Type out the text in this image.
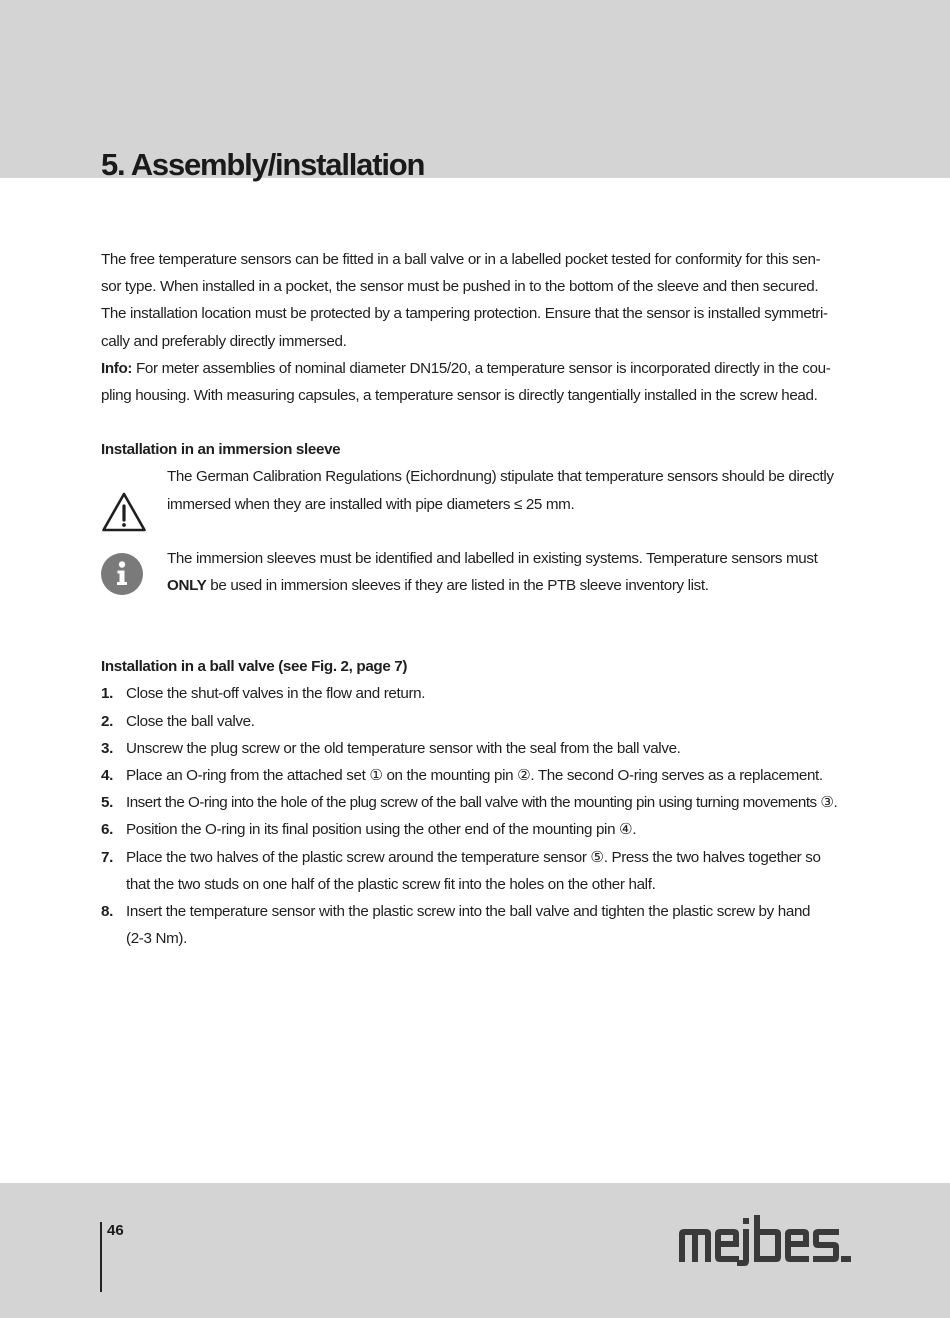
5. Assembly/installation

The free temperature sensors can be fitted in a ball valve or in a labelled pocket tested for conformity for this sen-
sor type. When installed in a pocket, the sensor must be pushed in to the bottom of the sleeve and then secured.
The installation location must be protected by a tampering protection. Ensure that the sensor is installed symmetri-
cally and preferably directly immersed.

Info: For meter assemblies of nominal diameter DN15/20, a temperature sensor is incorporated directly in the cou-
pling housing. With measuring capsules, a temperature sensor is directly tangentially installed in the screw head.

Installation in an immersion sleeve

The German Calibration Regulations (Eichordnung) stipulate that temperature sensors should be directly
immersed when they are installed with pipe diameters ≤ 25 mm.

The immersion sleeves must be identified and labelled in existing systems. Temperature sensors must
ONLY be used in immersion sleeves if they are listed in the PTB sleeve inventory list.

Installation in a ball valve (see Fig. 2, page 7)

1. Close the shut-off valves in the flow and return.
2. Close the ball valve.
3. Unscrew the plug screw or the old temperature sensor with the seal from the ball valve.
4. Place an O-ring from the attached set ① on the mounting pin ②. The second O-ring serves as a replacement.
5. Insert the O-ring into the hole of the plug screw of the ball valve with the mounting pin using turning movements ③.
6. Position the O-ring in its final position using the other end of the mounting pin ④.
7. Place the two halves of the plastic screw around the temperature sensor ⑤. Press the two halves together so
that the two studs on one half of the plastic screw fit into the holes on the other half.
8. Insert the temperature sensor with the plastic screw into the ball valve and tighten the plastic screw by hand
(2-3 Nm).
46
